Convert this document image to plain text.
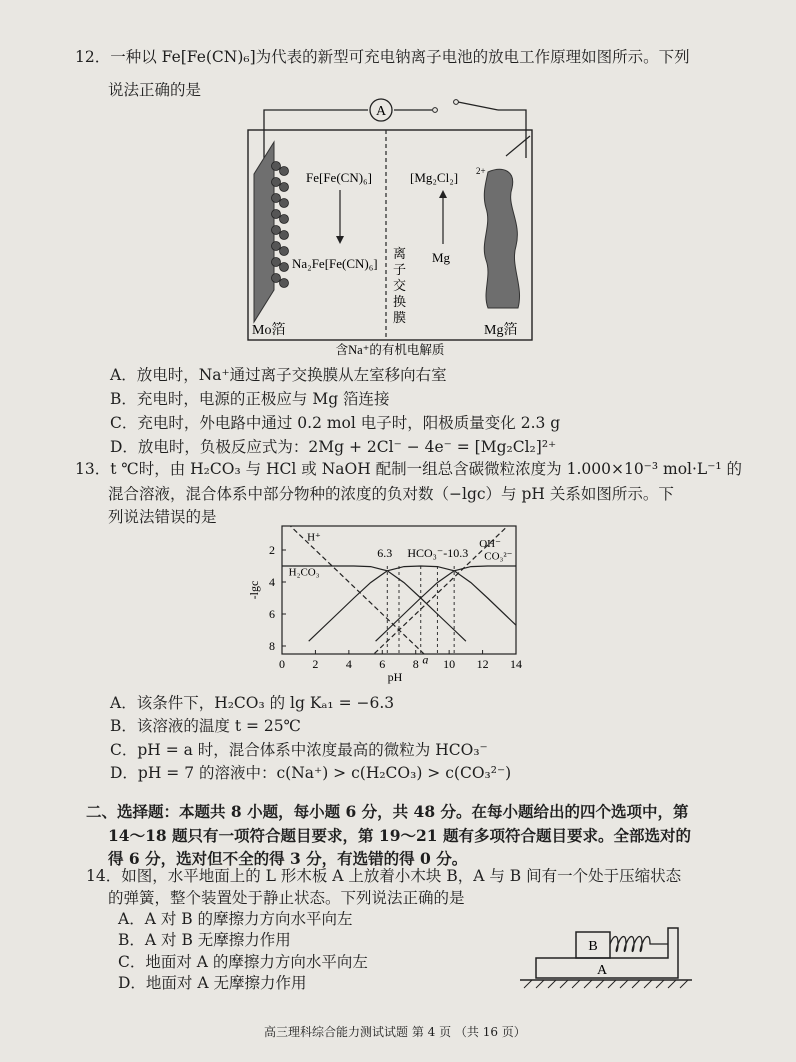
12．一种以 Fe[Fe(CN)₆]为代表的新型可充电钠离子电池的放电工作原理如图所示。下列
说法正确的是
A
离
子
交
换
膜
Fe[Fe(CN)₆]
Na₂Fe[Fe(CN)₆]
[Mg₂Cl₂] 2+
Mg
Mo箔	Mg箔
含Na⁺的有机电解质
A．放电时，Na⁺通过离子交换膜从左室移向右室
B．充电时，电源的正极应与 Mg 箔连接
C．充电时，外电路中通过 0.2 mol 电子时，阳极质量变化 2.3 g
D．放电时，负极反应式为：2Mg + 2Cl⁻ − 4e⁻ = [Mg₂Cl₂]²⁺
13．t ℃时，由 H₂CO₃ 与 HCl 或 NaOH 配制一组总含碳微粒浓度为 1.000×10⁻³ mol·L⁻¹ 的
混合溶液，混合体系中部分物种的浓度的负对数（−lgc）与 pH 关系如图所示。下
列说法错误的是
0 2 4 6 8 10 12 14
2
4
6
8
pH
-lgc
H⁺
OH⁻
H₂CO₃
CO₃²⁻
6.3 HCO₃⁻-10.3
a
A．该条件下，H₂CO₃ 的 lg Kₐ₁ = −6.3
B．该溶液的温度 t = 25℃
C．pH = a 时，混合体系中浓度最高的微粒为 HCO₃⁻
D．pH = 7 的溶液中：c(Na⁺) > c(H₂CO₃) > c(CO₃²⁻)
二、选择题：本题共 8 小题，每小题 6 分，共 48 分。在每小题给出的四个选项中，第
14～18 题只有一项符合题目要求，第 19～21 题有多项符合题目要求。全部选对的
得 6 分，选对但不全的得 3 分，有选错的得 0 分。
14．如图，水平地面上的 L 形木板 A 上放着小木块 B，A 与 B 间有一个处于压缩状态
的弹簧，整个装置处于静止状态。下列说法正确的是
A．A 对 B 的摩擦力方向水平向左
B．A 对 B 无摩擦力作用
C．地面对 A 的摩擦力方向水平向左
D．地面对 A 无摩擦力作用
A
B
高三理科综合能力测试试题 第 4 页 （共 16 页）
